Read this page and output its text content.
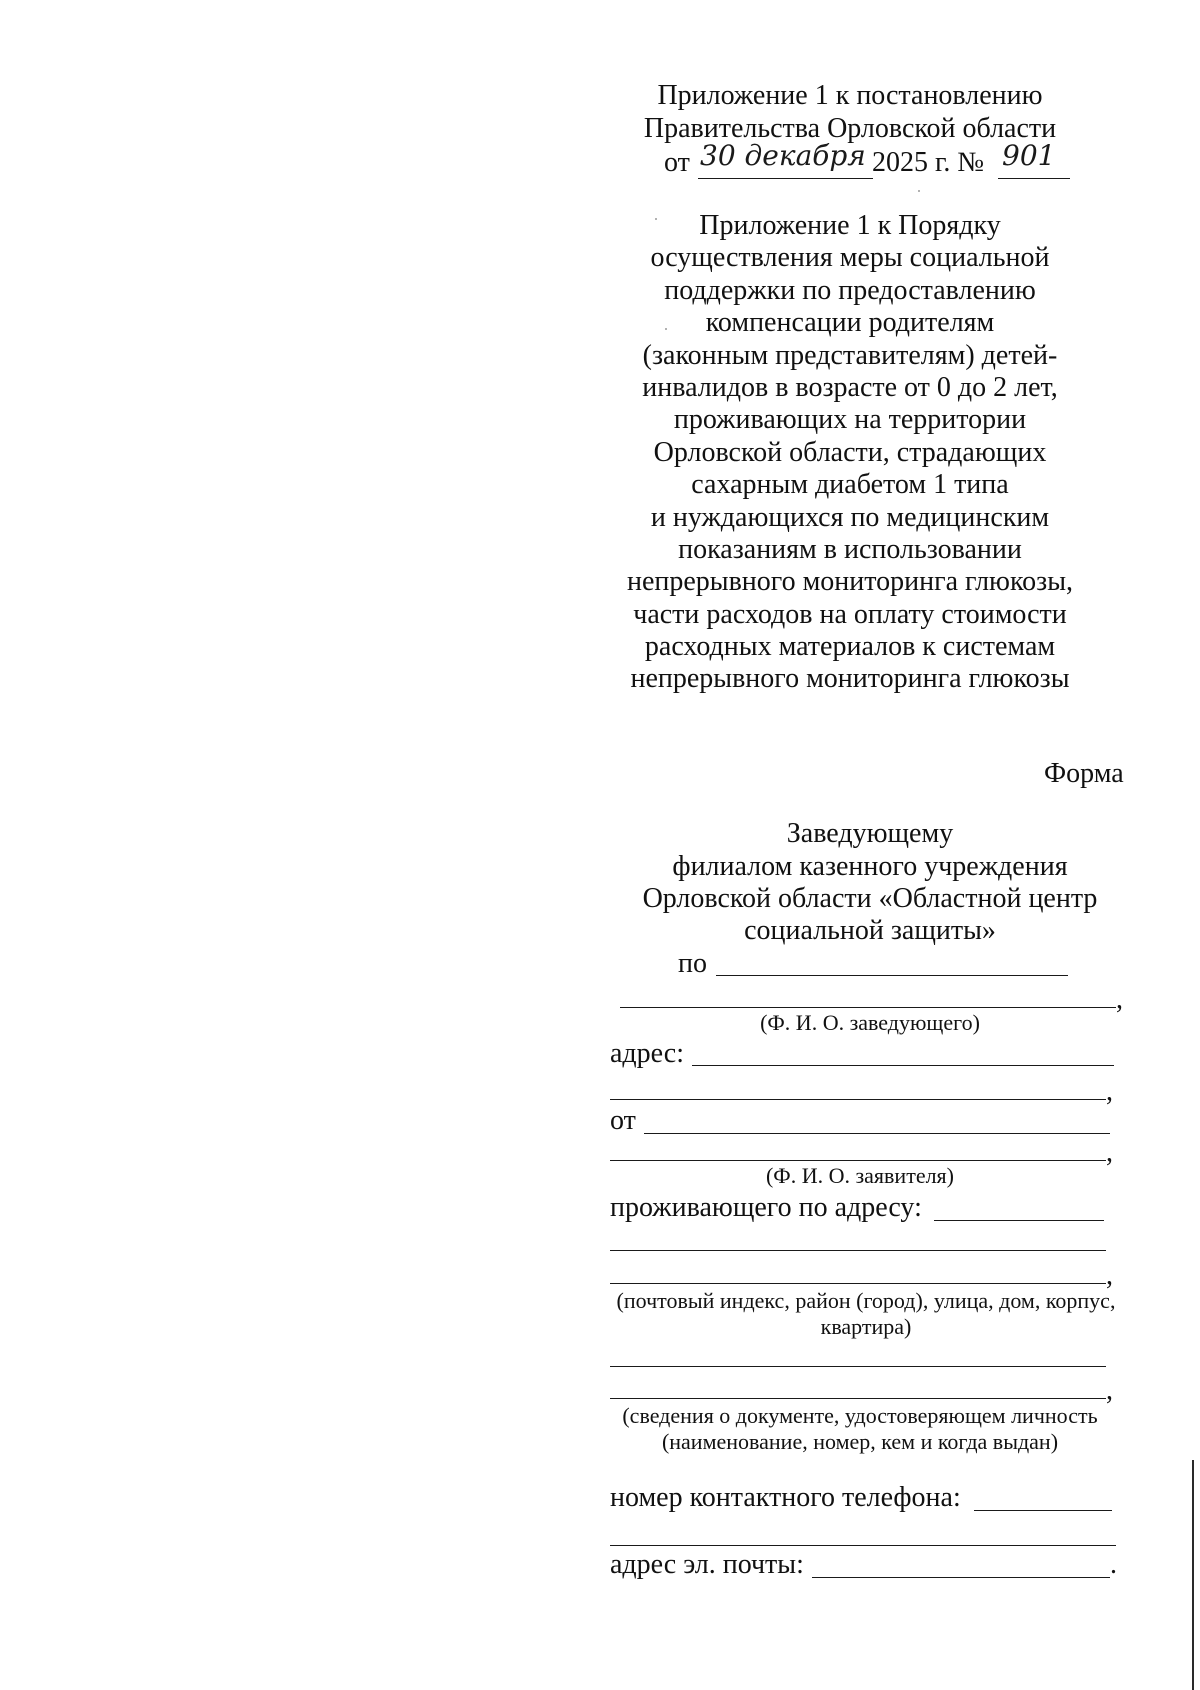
Приложение 1 к постановлению
Правительства Орловской области
от 30 декабря 2025 г. № 901
Приложение 1 к Порядку
осуществления меры социальной
поддержки по предоставлению
компенсации родителям
(законным представителям) детей-
инвалидов в возрасте от 0 до 2 лет,
проживающих на территории
Орловской области, страдающих
сахарным диабетом 1 типа
и нуждающихся по медицинским
показаниям в использовании
непрерывного мониторинга глюкозы,
части расходов на оплату стоимости
расходных материалов к системам
непрерывного мониторинга глюкозы
Форма
Заведующему
филиалом казенного учреждения
Орловской области «Областной центр
социальной защиты»
по
,
(Ф. И. О. заведующего)
адрес:
,
от
,
(Ф. И. О. заявителя)
проживающего по адресу:
,
(почтовый индекс, район (город), улица, дом, корпус,
квартира)
,
(сведения о документе, удостоверяющем личность
(наименование, номер, кем и когда выдан)
номер контактного телефона:
адрес эл. почты:	.
